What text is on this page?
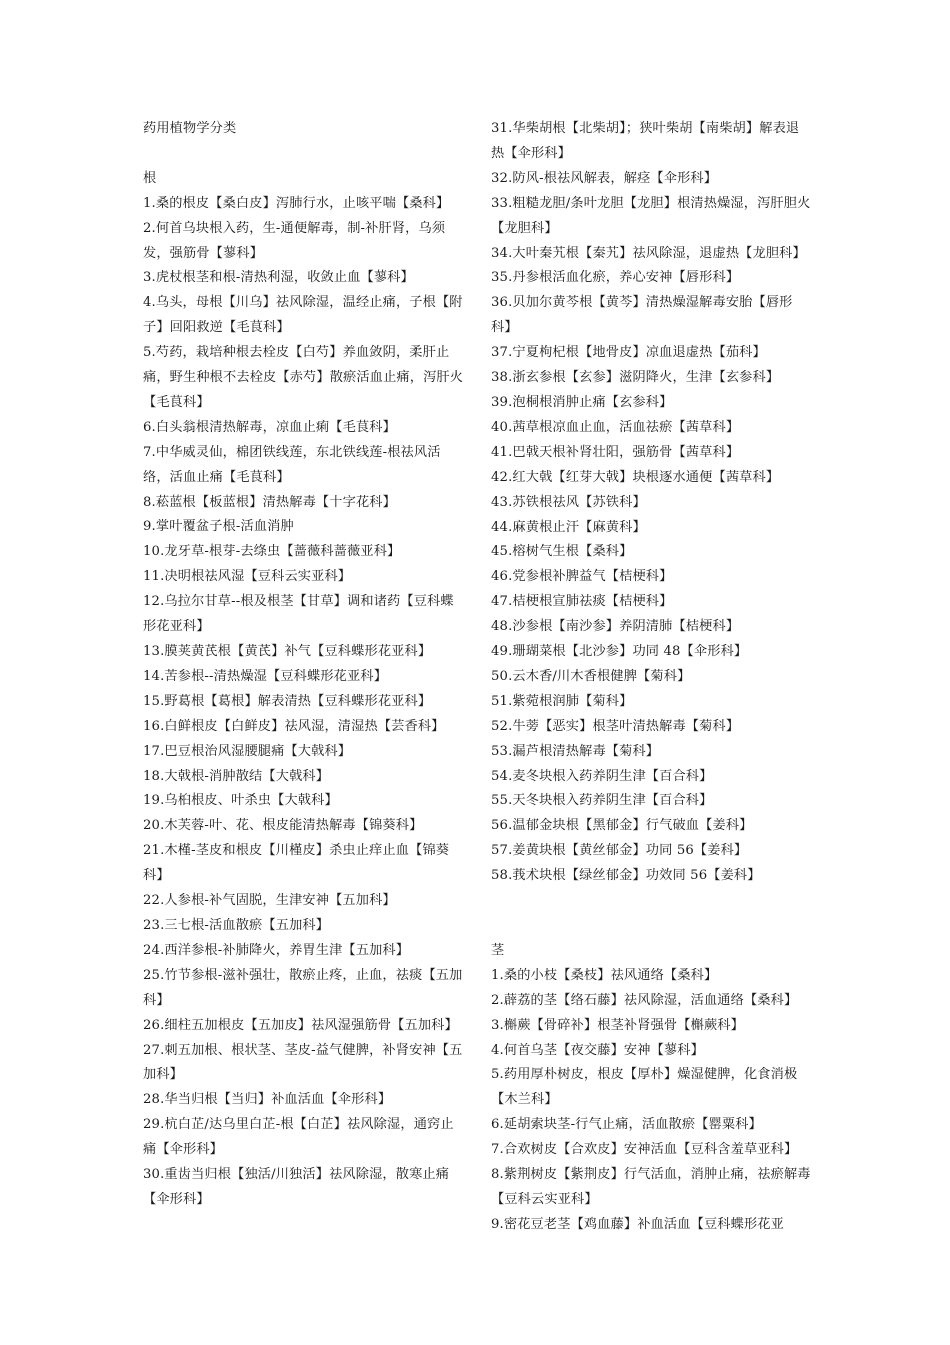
药用植物学分类

根

1.桑的根皮【桑白皮】泻肺行水，止咳平喘【桑科】
2.何首乌块根入药，生-通便解毒，制-补肝肾，乌须发，强筋骨【蓼科】
3.虎杖根茎和根-清热利湿，收敛止血【蓼科】
4.乌头，母根【川乌】祛风除湿，温经止痛，子根【附子】回阳救逆【毛茛科】
5.芍药，栽培种根去栓皮【白芍】养血敛阴，柔肝止痛，野生种根不去栓皮【赤芍】散瘀活血止痛，泻肝火【毛茛科】
6.白头翁根清热解毒，凉血止痢【毛茛科】
7.中华威灵仙，棉团铁线莲，东北铁线莲-根祛风活络，活血止痛【毛茛科】
8.菘蓝根【板蓝根】清热解毒【十字花科】
9.掌叶覆盆子根-活血消肿
10.龙牙草-根芽-去绦虫【蔷薇科蔷薇亚科】
11.决明根祛风湿【豆科云实亚科】
12.乌拉尔甘草--根及根茎【甘草】调和诸药【豆科蝶形花亚科】
13.膜荚黄芪根【黄芪】补气【豆科蝶形花亚科】
14.苦参根--清热燥湿【豆科蝶形花亚科】
15.野葛根【葛根】解表清热【豆科蝶形花亚科】
16.白鲜根皮【白鲜皮】祛风湿，清湿热【芸香科】
17.巴豆根治风湿腰腿痛【大戟科】
18.大戟根-消肿散结【大戟科】
19.乌桕根皮、叶杀虫【大戟科】
20.木芙蓉-叶、花、根皮能清热解毒【锦葵科】
21.木槿-茎皮和根皮【川槿皮】杀虫止痒止血【锦葵科】
22.人参根-补气固脱，生津安神【五加科】
23.三七根-活血散瘀【五加科】
24.西洋参根-补肺降火，养胃生津【五加科】
25.竹节参根-滋补强壮，散瘀止疼，止血，祛痰【五加科】
26.细柱五加根皮【五加皮】祛风湿强筋骨【五加科】
27.刺五加根、根状茎、茎皮-益气健脾，补肾安神【五加科】
28.华当归根【当归】补血活血【伞形科】
29.杭白芷/达乌里白芷-根【白芷】祛风除湿，通窍止痛【伞形科】
30.重齿当归根【独活/川独活】祛风除湿，散寒止痛【伞形科】
31.华柴胡根【北柴胡】；狭叶柴胡【南柴胡】解表退热【伞形科】
32.防风-根祛风解表，解痉【伞形科】
33.粗糙龙胆/条叶龙胆【龙胆】根清热燥湿，泻肝胆火【龙胆科】
34.大叶秦艽根【秦艽】祛风除湿，退虚热【龙胆科】
35.丹参根活血化瘀，养心安神【唇形科】
36.贝加尔黄芩根【黄芩】清热燥湿解毒安胎【唇形科】
37.宁夏枸杞根【地骨皮】凉血退虚热【茄科】
38.浙玄参根【玄参】滋阴降火，生津【玄参科】
39.泡桐根消肿止痛【玄参科】
40.茜草根凉血止血，活血祛瘀【茜草科】
41.巴戟天根补肾壮阳，强筋骨【茜草科】
42.红大戟【红芽大戟】块根逐水通便【茜草科】
43.苏铁根祛风【苏铁科】
44.麻黄根止汗【麻黄科】
45.榕树气生根【桑科】
46.党参根补脾益气【桔梗科】
47.桔梗根宣肺祛痰【桔梗科】
48.沙参根【南沙参】养阴清肺【桔梗科】
49.珊瑚菜根【北沙参】功同 48【伞形科】
50.云木香/川木香根健脾【菊科】
51.紫菀根润肺【菊科】
52.牛蒡【恶实】根茎叶清热解毒【菊科】
53.漏芦根清热解毒【菊科】
54.麦冬块根入药养阴生津【百合科】
55.天冬块根入药养阴生津【百合科】
56.温郁金块根【黑郁金】行气破血【姜科】
57.姜黄块根【黄丝郁金】功同 56【姜科】
58.莪术块根【绿丝郁金】功效同 56【姜科】

茎

1.桑的小枝【桑枝】祛风通络【桑科】
2.薜荔的茎【络石藤】祛风除湿，活血通络【桑科】
3.槲蕨【骨碎补】根茎补肾强骨【槲蕨科】
4.何首乌茎【夜交藤】安神【蓼科】
5.药用厚朴树皮，根皮【厚朴】燥湿健脾，化食消极【木兰科】
6.延胡索块茎-行气止痛，活血散瘀【罂粟科】
7.合欢树皮【合欢皮】安神活血【豆科含羞草亚科】
8.紫荆树皮【紫荆皮】行气活血，消肿止痛，祛瘀解毒【豆科云实亚科】
9.密花豆老茎【鸡血藤】补血活血【豆科蝶形花亚
